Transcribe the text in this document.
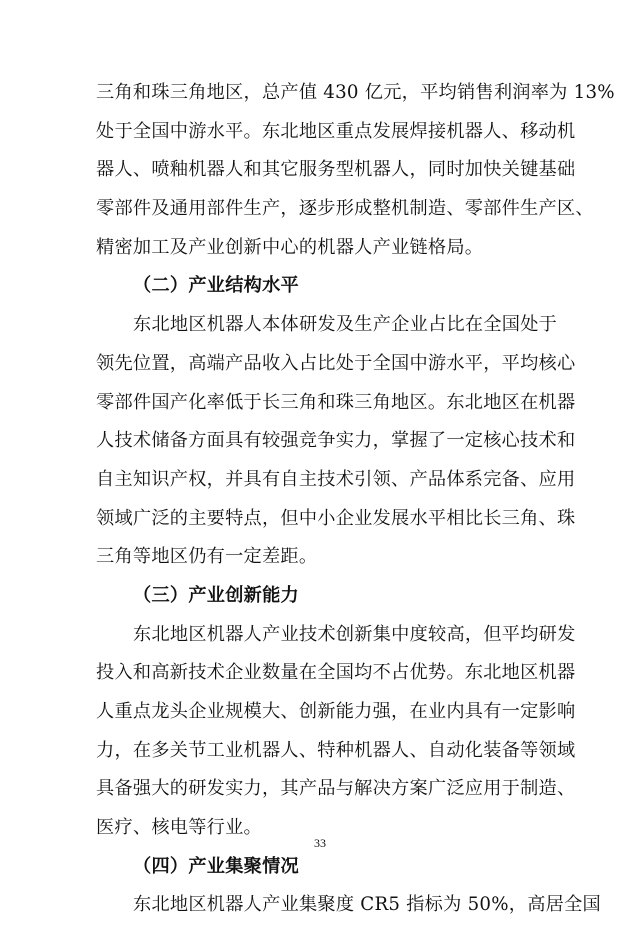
三角和珠三角地区，总产值 430 亿元，平均销售利润率为 13%
处于全国中游水平。东北地区重点发展焊接机器人、移动机
器人、喷釉机器人和其它服务型机器人，同时加快关键基础
零部件及通用部件生产，逐步形成整机制造、零部件生产区、
精密加工及产业创新中心的机器人产业链格局。
（二）产业结构水平
东北地区机器人本体研发及生产企业占比在全国处于
领先位置，高端产品收入占比处于全国中游水平，平均核心
零部件国产化率低于长三角和珠三角地区。东北地区在机器
人技术储备方面具有较强竞争实力，掌握了一定核心技术和
自主知识产权，并具有自主技术引领、产品体系完备、应用
领域广泛的主要特点，但中小企业发展水平相比长三角、珠
三角等地区仍有一定差距。
（三）产业创新能力
东北地区机器人产业技术创新集中度较高，但平均研发
投入和高新技术企业数量在全国均不占优势。东北地区机器
人重点龙头企业规模大、创新能力强，在业内具有一定影响
力，在多关节工业机器人、特种机器人、自动化装备等领域
具备强大的研发实力，其产品与解决方案广泛应用于制造、
医疗、核电等行业。
（四）产业集聚情况
东北地区机器人产业集聚度 CR5 指标为 50%，高居全国
33
